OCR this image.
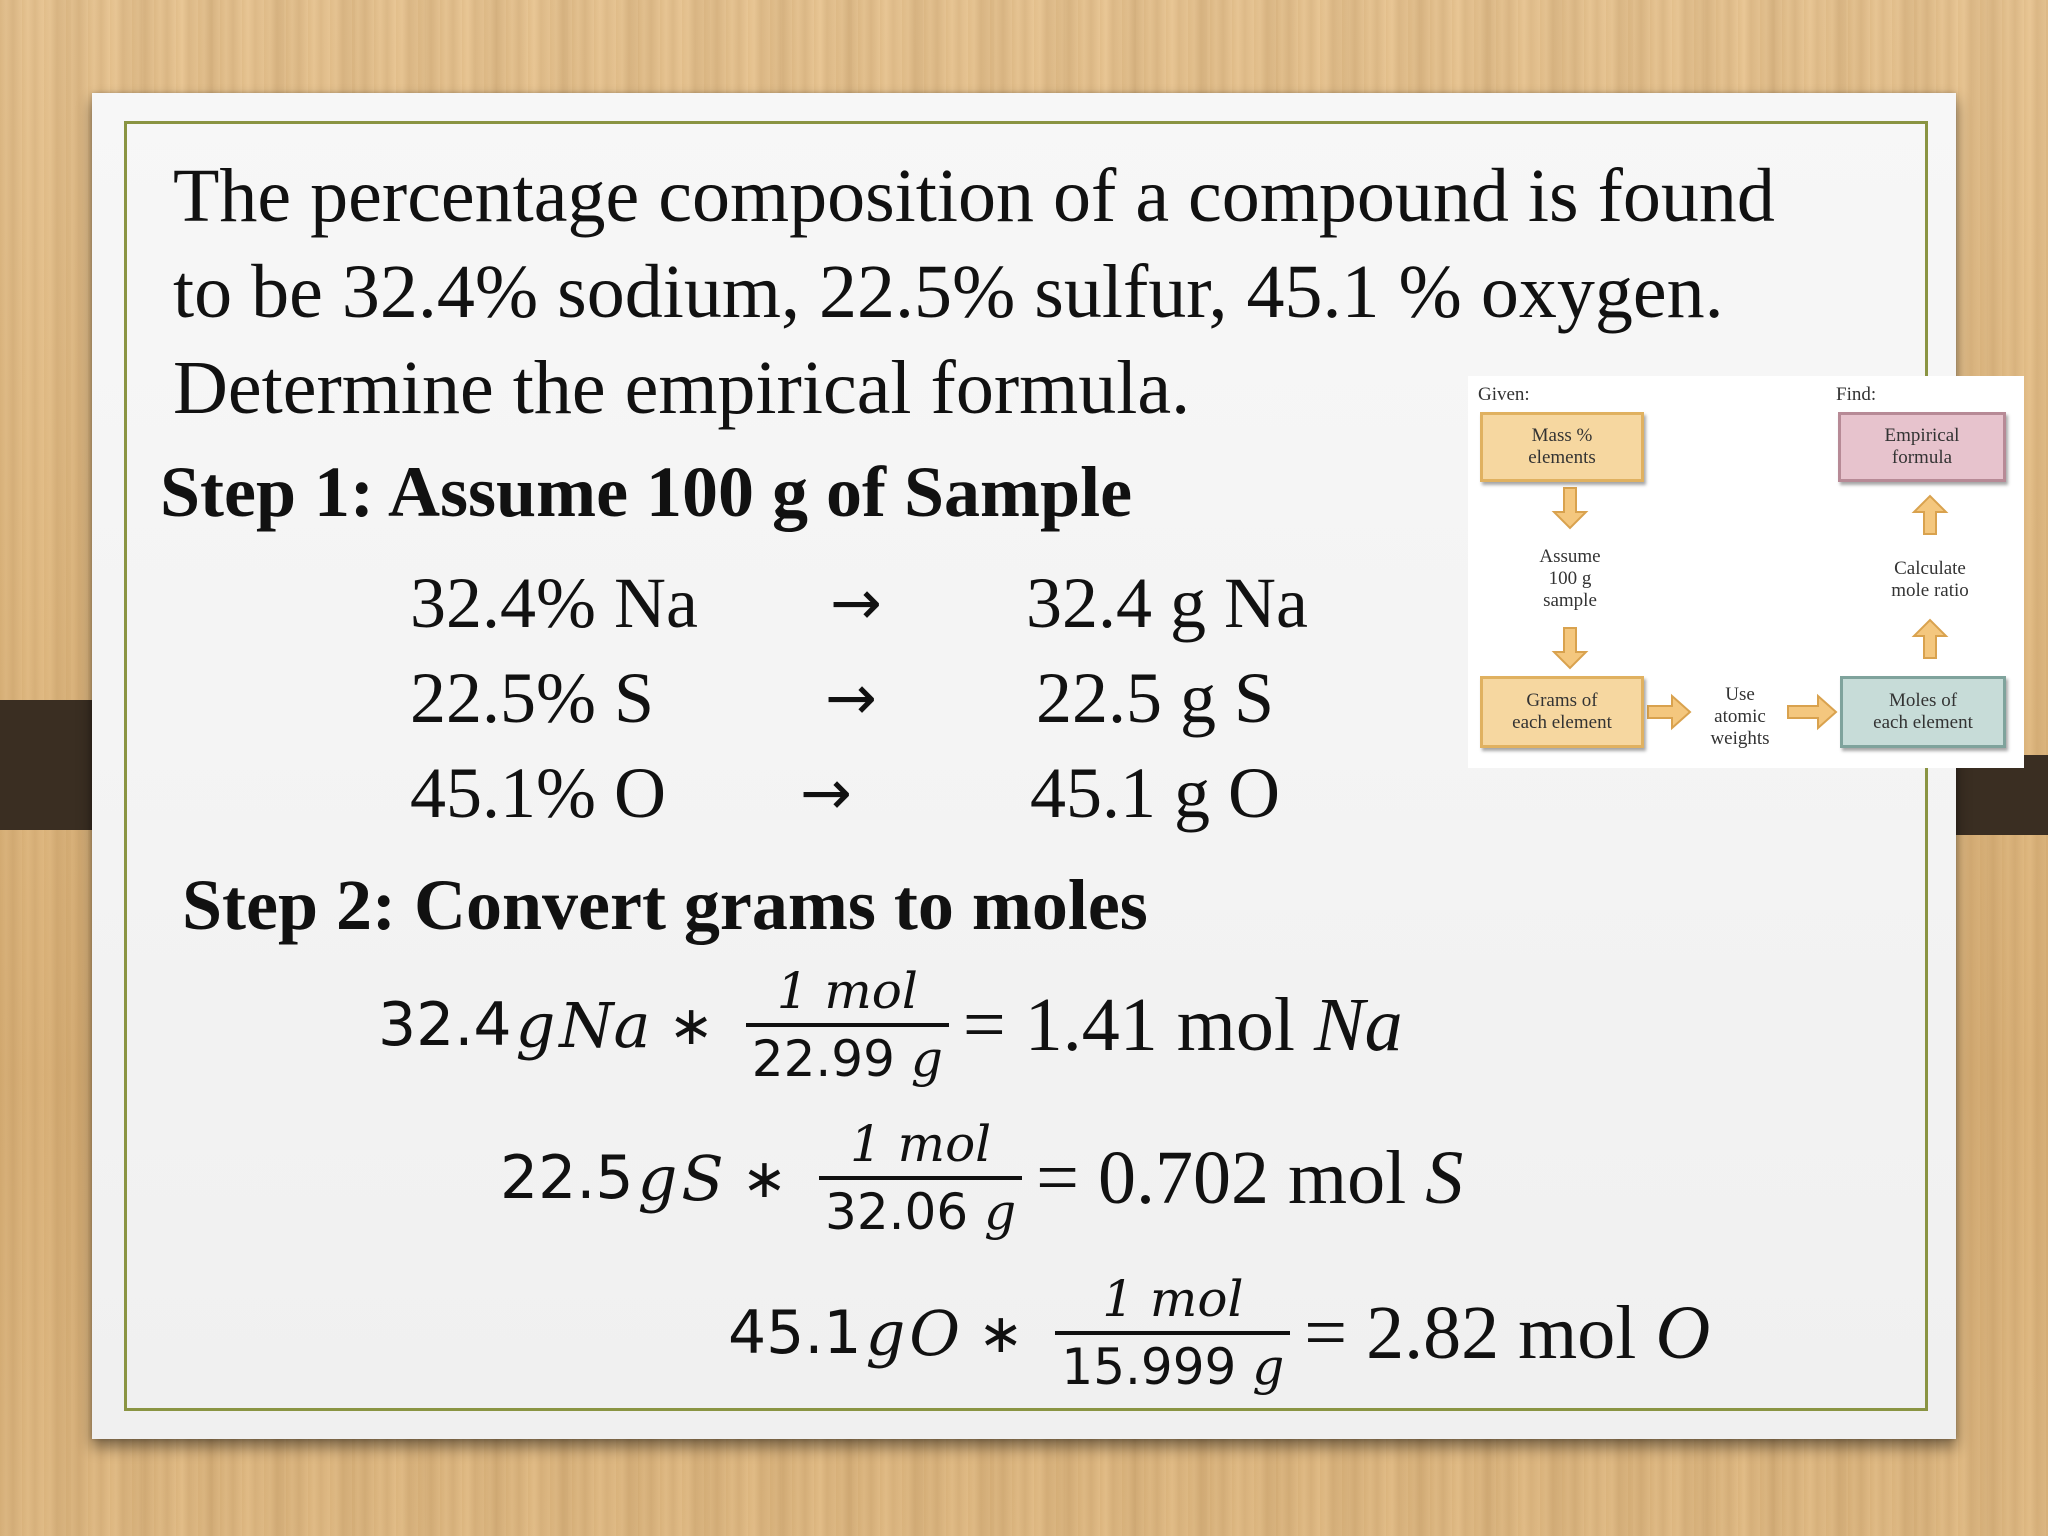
The percentage composition of a compound is found
to be 32.4% sodium, 22.5% sulfur, 45.1 % oxygen.
Determine the empirical formula.
Step 1: Assume 100 g of Sample
32.4% Na → 32.4 g Na
22.5% S	→ 22.5 g S
45.1% O → 45.1 g O
Step 2: Convert grams to moles
32.4
g
Na ∗ $\frac{\text{1 mol}}{22.99 g} = 1.41$ mol Na
22.5
g
S ∗ $\frac{\text{1 mol}}{32.06 g} = 0.702$ mol S
45.1
g
O ∗ $\frac{\text{1 mol}}{15.999 g} = 2.82$ mol O
Given:	Find:
Mass %
elements
Empirical
formula
Assume
100 g
sample
Calculate
mole ratio
Grams of
each element
Use
atomic
weights
Moles of
each element
